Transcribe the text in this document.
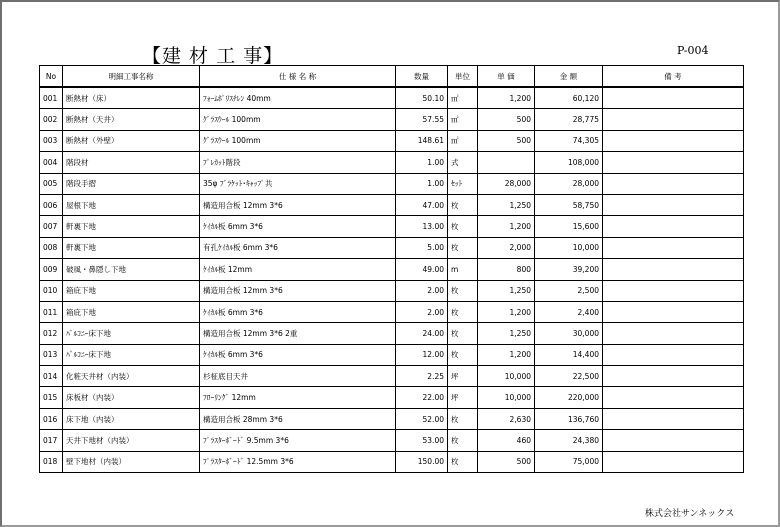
【建 材 工 事】	P-004
No	明細工事名称	仕 様 名 称	数量	単位	単 価	金 額	備 考
001	断熱材（床）	ﾌｫｰﾑﾎﾟﾘｽﾁﾚﾝ 40mm	50.10	㎡	1,200	60,120	
002	断熱材（天井）	ｸﾞﾗｽｳｰﾙ 100mm	57.55	㎡	500	28,775	
003	断熱材（外壁）	ｸﾞﾗｽｳｰﾙ 100mm	148.61	㎡	500	74,305	
004	階段材	ﾌﾟﾚｶｯﾄ階段	1.00	式		108,000	
005	階段手摺	35φ ﾌﾞﾗｹｯﾄ･ｷｬｯﾌﾟ共	1.00	ｾｯﾄ	28,000	28,000	
006	屋根下地	構造用合板 12mm 3*6	47.00	枚	1,250	58,750	
007	軒裏下地	ｹｲｶﾙ板 6mm 3*6	13.00	枚	1,200	15,600	
008	軒裏下地	有孔ｹｲｶﾙ板 6mm 3*6	5.00	枚	2,000	10,000	
009	破風・鼻隠し下地	ｹｲｶﾙ板 12mm	49.00	m	800	39,200	
010	箱庇下地	構造用合板 12mm 3*6	2.00	枚	1,250	2,500	
011	箱庇下地	ｹｲｶﾙ板 6mm 3*6	2.00	枚	1,200	2,400	
012	ﾊﾞﾙｺﾆｰ床下地	構造用合板 12mm 3*6 2重	24.00	枚	1,250	30,000	
013	ﾊﾞﾙｺﾆｰ床下地	ｹｲｶﾙ板 6mm 3*6	12.00	枚	1,200	14,400	
014	化粧天井材（内装）	杉柾底目天井	2.25	坪	10,000	22,500	
015	床板材（内装）	ﾌﾛｰﾘﾝｸﾞ 12mm	22.00	坪	10,000	220,000	
016	床下地（内装）	構造用合板 28mm 3*6	52.00	枚	2,630	136,760	
017	天井下地材（内装）	ﾌﾟﾗｽﾀｰﾎﾞｰﾄﾞ 9.5mm 3*6	53.00	枚	460	24,380	
018	壁下地材（内装）	ﾌﾟﾗｽﾀｰﾎﾞｰﾄﾞ 12.5mm 3*6	150.00	枚	500	75,000	
株式会社サンネックス
